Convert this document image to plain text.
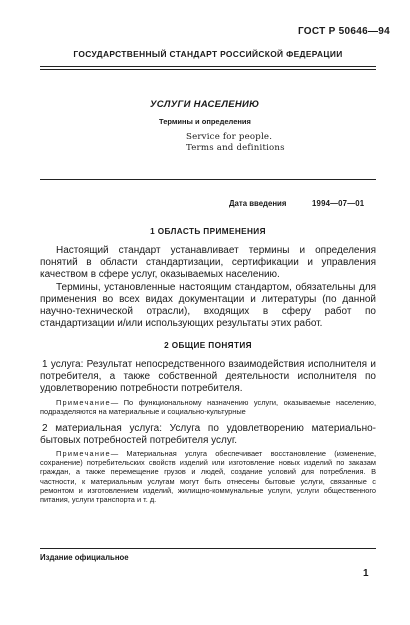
ГОСТ Р 50646—94
ГОСУДАРСТВЕННЫЙ СТАНДАРТ РОССИЙСКОЙ ФЕДЕРАЦИИ
УСЛУГИ НАСЕЛЕНИЮ
Термины и определения
Service for people.
Terms and definitions
Дата введения	1994—07—01
1 ОБЛАСТЬ ПРИМЕНЕНИЯ

Настоящий стандарт устанавливает термины и определения понятий в области стандартизации, сертификации и управления качеством в сфере услуг, оказываемых населению.

Термины, установленные настоящим стандартом, обязательны для применения во всех видах документации и литературы (по данной научно-технической отрасли), входящих в сферу работ по стандартизации и/или использующих результаты этих работ.

2 ОБЩИЕ ПОНЯТИЯ

1 услуга: Результат непосредственного взаимодействия исполнителя и потребителя, а также собственной деятельности исполнителя по удовлетворению потребности потребителя.

Примечание— По функциональному назначению услуги, оказываемые населению, подразделяются на материальные и социально-культурные

2 материальная услуга: Услуга по удовлетворению материально-бытовых потребностей потребителя услуг.

Примечание— Материальная услуга обеспечивает восстановление (изменение, сохранение) потребительских свойств изделий или изготовление новых изделий по заказам граждан, а также перемещение грузов и людей, создание условий для потребления. В частности, к материальным услугам могут быть отнесены бытовые услуги, связанные с ремонтом и изготовлением изделий, жилищно-коммунальные услуги, услуги общественного питания, услуги транспорта и т. д.

Издание официальное
1
